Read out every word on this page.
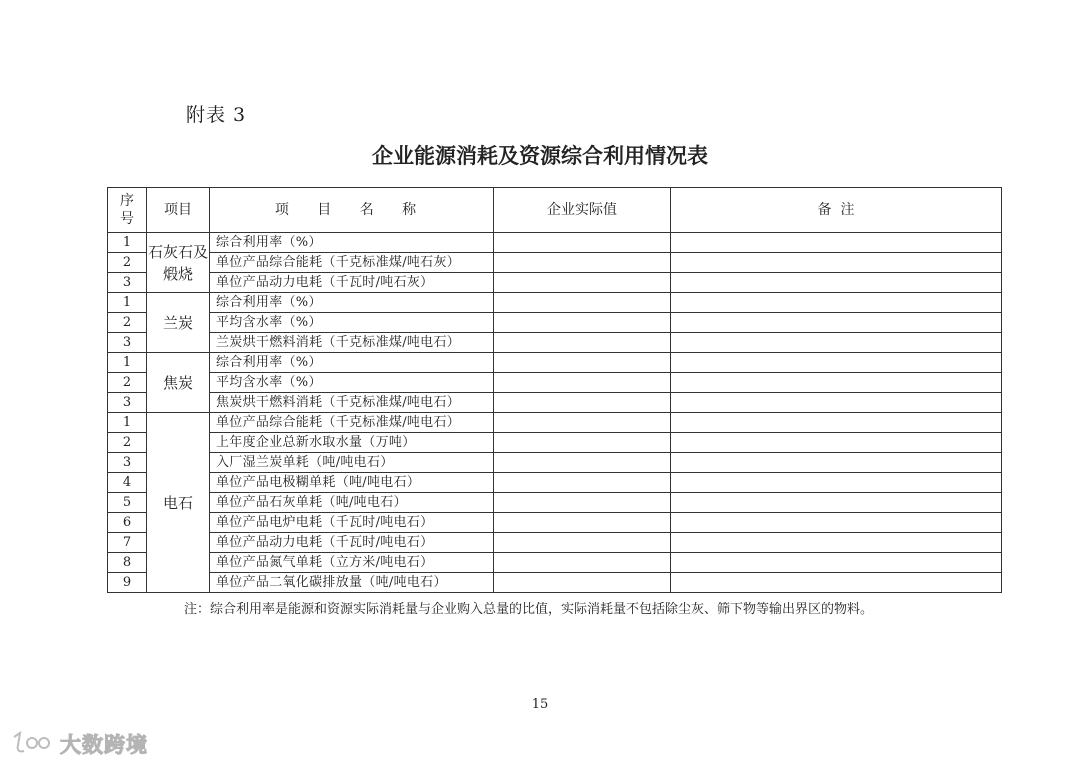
附表 3
企业能源消耗及资源综合利用情况表
序号	项目	项 目 名 称	企业实际值	备  注
1	石灰石及煅烧	综合利用率（%）		
2		单位产品综合能耗（千克标准煤/吨石灰）		
3		单位产品动力电耗（千瓦时/吨石灰）		
1	兰炭	综合利用率（%）		
2		平均含水率（%）		
3		兰炭烘干燃料消耗（千克标准煤/吨电石）		
1	焦炭	综合利用率（%）		
2		平均含水率（%）		
3		焦炭烘干燃料消耗（千克标准煤/吨电石）		
1	电石	单位产品综合能耗（千克标准煤/吨电石）		
2		上年度企业总新水取水量（万吨）		
3		入厂湿兰炭单耗（吨/吨电石）		
4		单位产品电极糊单耗（吨/吨电石）		
5		单位产品石灰单耗（吨/吨电石）		
6		单位产品电炉电耗（千瓦时/吨电石）		
7		单位产品动力电耗（千瓦时/吨电石）		
8		单位产品氮气单耗（立方米/吨电石）		
9		单位产品二氧化碳排放量（吨/吨电石）		
注：综合利用率是能源和资源实际消耗量与企业购入总量的比值，实际消耗量不包括除尘灰、筛下物等输出界区的物料。
15
大数跨境
